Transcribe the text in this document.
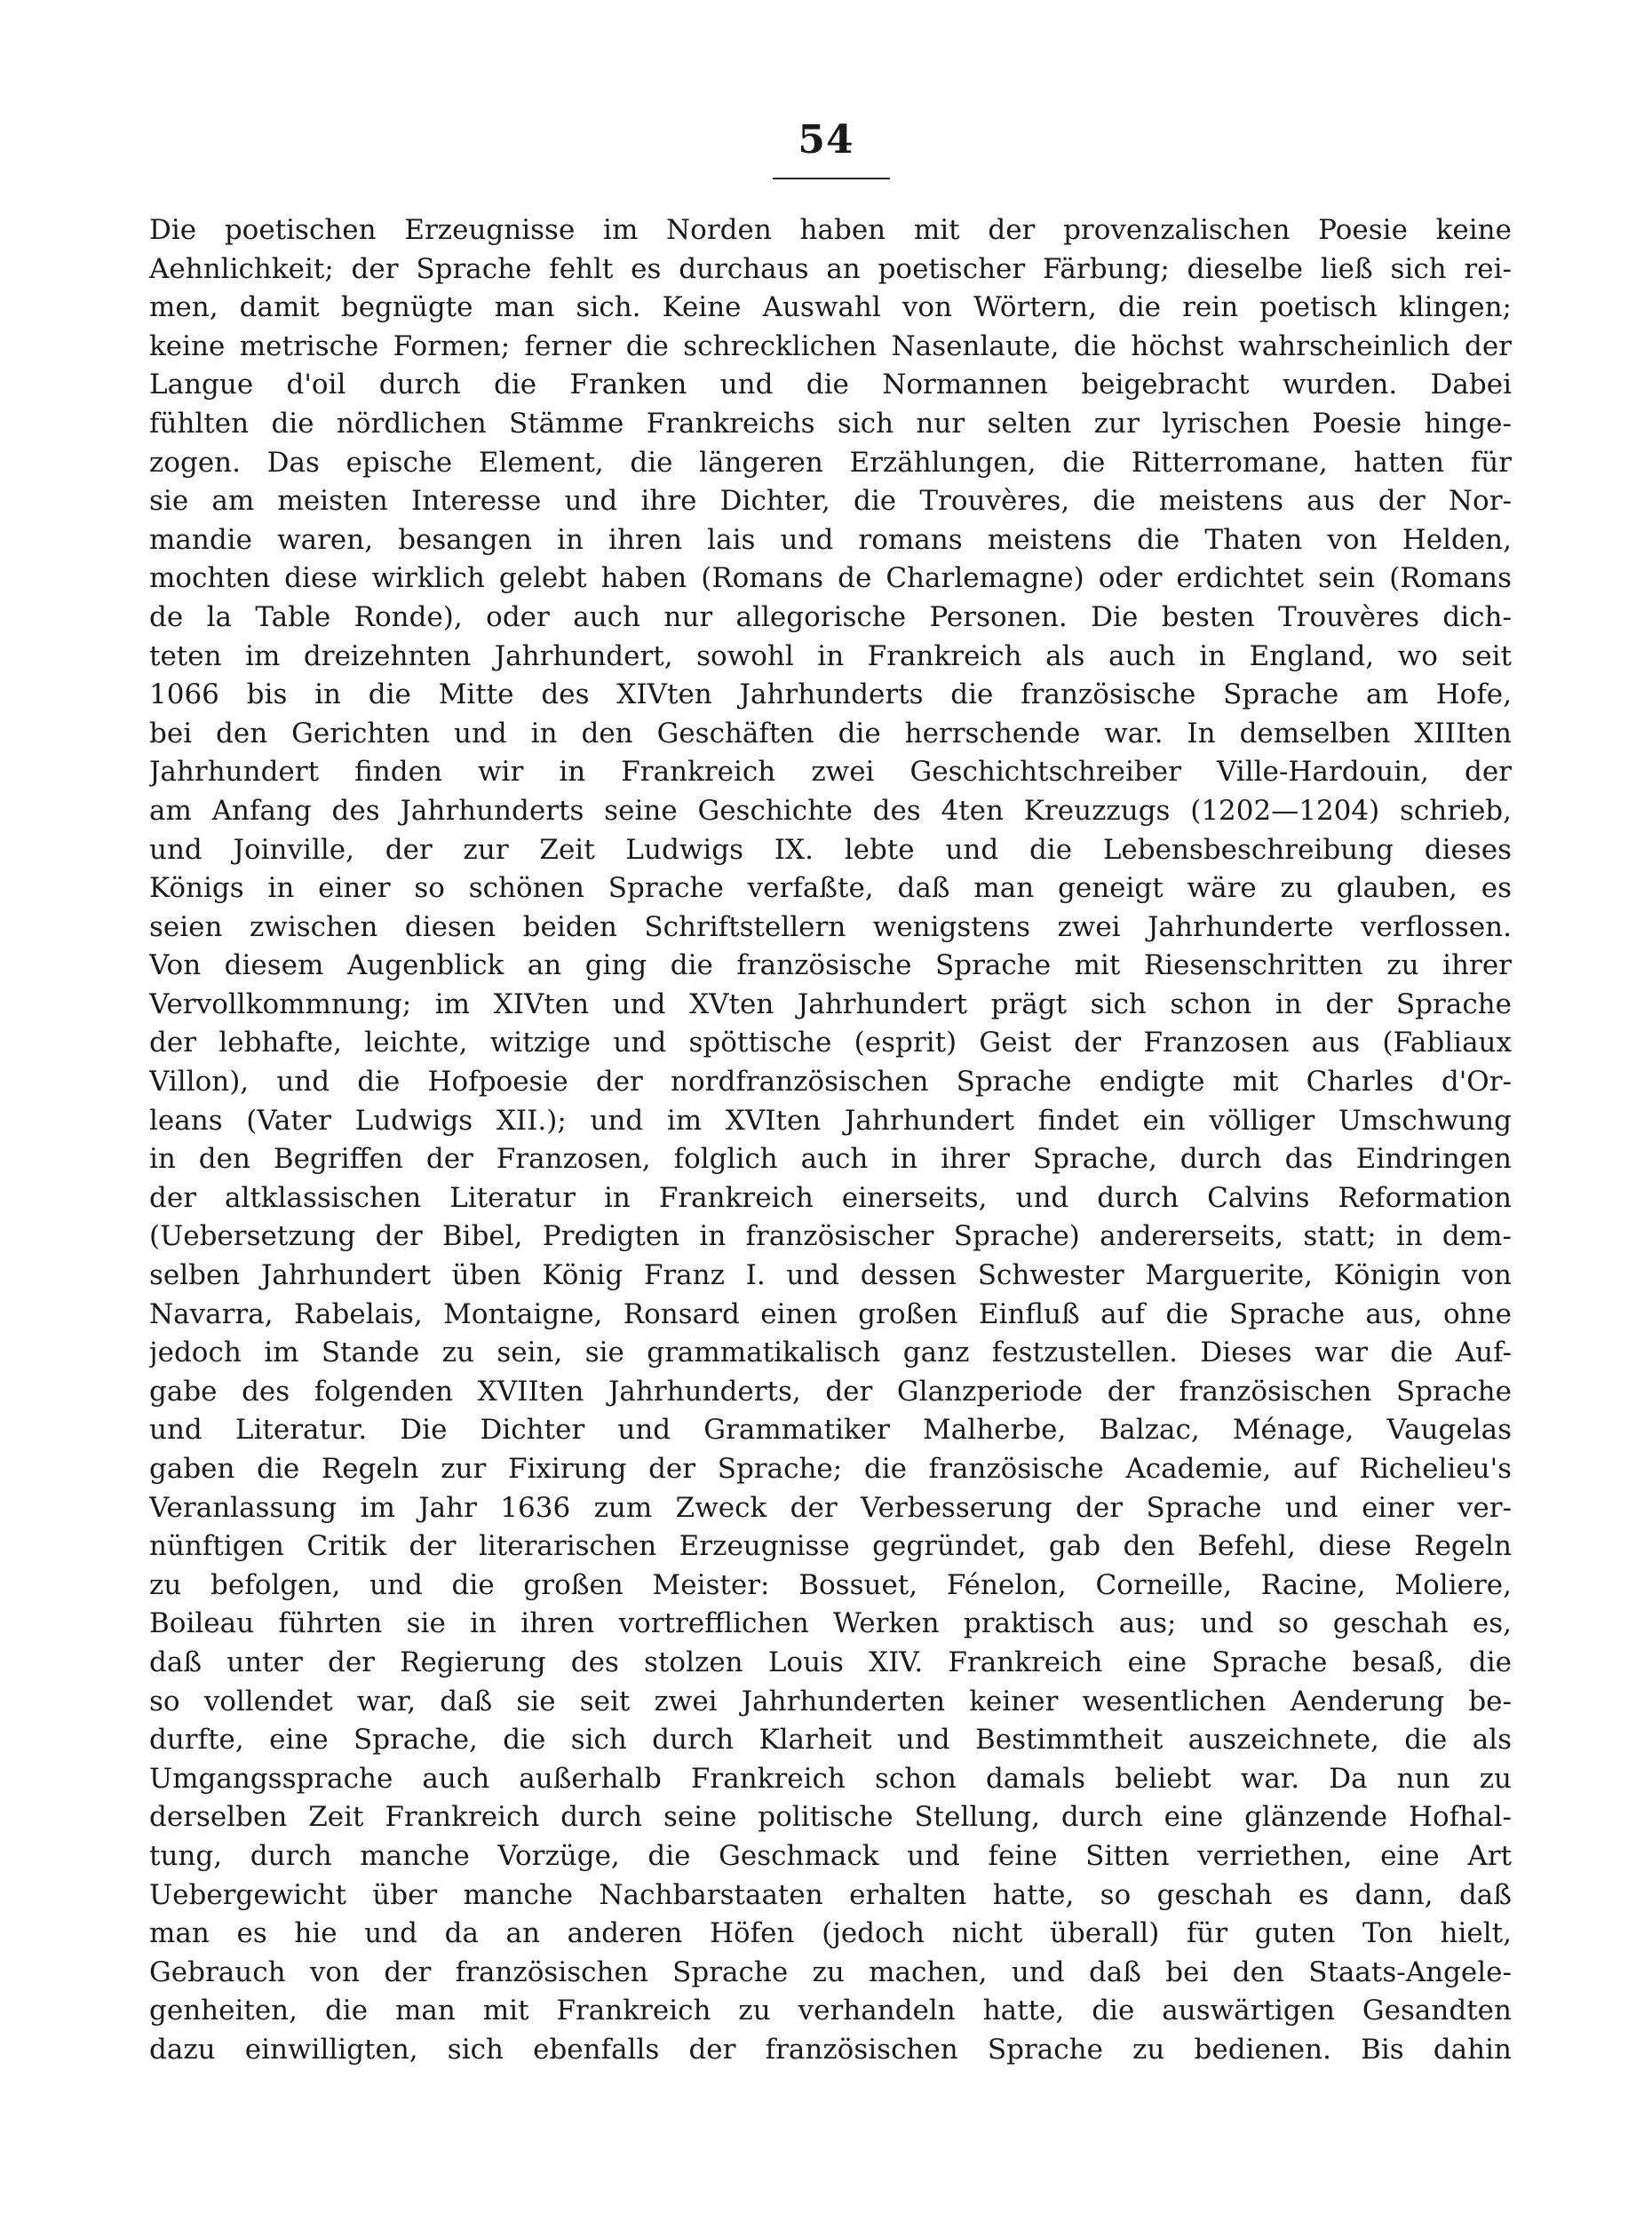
54
Die poetischen Erzeugnisse im Norden haben mit der provenzalischen Poesie keine
Aehnlichkeit; der Sprache fehlt es durchaus an poetischer Färbung; dieselbe ließ sich rei-
men, damit begnügte man sich. Keine Auswahl von Wörtern, die rein poetisch klingen;
keine metrische Formen; ferner die schrecklichen Nasenlaute, die höchst wahrscheinlich der
Langue d'oil durch die Franken und die Normannen beigebracht wurden. Dabei
fühlten die nördlichen Stämme Frankreichs sich nur selten zur lyrischen Poesie hinge-
zogen. Das epische Element, die längeren Erzählungen, die Ritterromane, hatten für
sie am meisten Interesse und ihre Dichter, die Trouvères, die meistens aus der Nor-
mandie waren, besangen in ihren lais und romans meistens die Thaten von Helden,
mochten diese wirklich gelebt haben (Romans de Charlemagne) oder erdichtet sein (Romans
de la Table Ronde), oder auch nur allegorische Personen. Die besten Trouvères dich-
teten im dreizehnten Jahrhundert, sowohl in Frankreich als auch in England, wo seit
1066 bis in die Mitte des XIVten Jahrhunderts die französische Sprache am Hofe,
bei den Gerichten und in den Geschäften die herrschende war. In demselben XIIIten
Jahrhundert finden wir in Frankreich zwei Geschichtschreiber Ville-Hardouin, der
am Anfang des Jahrhunderts seine Geschichte des 4ten Kreuzzugs (1202—1204) schrieb,
und Joinville, der zur Zeit Ludwigs IX. lebte und die Lebensbeschreibung dieses
Königs in einer so schönen Sprache verfaßte, daß man geneigt wäre zu glauben, es
seien zwischen diesen beiden Schriftstellern wenigstens zwei Jahrhunderte verflossen.
Von diesem Augenblick an ging die französische Sprache mit Riesenschritten zu ihrer
Vervollkommnung; im XIVten und XVten Jahrhundert prägt sich schon in der Sprache
der lebhafte, leichte, witzige und spöttische (esprit) Geist der Franzosen aus (Fabliaux
Villon), und die Hofpoesie der nordfranzösischen Sprache endigte mit Charles d'Or-
leans (Vater Ludwigs XII.); und im XVIten Jahrhundert findet ein völliger Umschwung
in den Begriffen der Franzosen, folglich auch in ihrer Sprache, durch das Eindringen
der altklassischen Literatur in Frankreich einerseits, und durch Calvins Reformation
(Uebersetzung der Bibel, Predigten in französischer Sprache) andererseits, statt; in dem-
selben Jahrhundert üben König Franz I. und dessen Schwester Marguerite, Königin von
Navarra, Rabelais, Montaigne, Ronsard einen großen Einfluß auf die Sprache aus, ohne
jedoch im Stande zu sein, sie grammatikalisch ganz festzustellen. Dieses war die Auf-
gabe des folgenden XVIIten Jahrhunderts, der Glanzperiode der französischen Sprache
und Literatur. Die Dichter und Grammatiker Malherbe, Balzac, Ménage, Vaugelas
gaben die Regeln zur Fixirung der Sprache; die französische Academie, auf Richelieu's
Veranlassung im Jahr 1636 zum Zweck der Verbesserung der Sprache und einer ver-
nünftigen Critik der literarischen Erzeugnisse gegründet, gab den Befehl, diese Regeln
zu befolgen, und die großen Meister: Bossuet, Fénelon, Corneille, Racine, Moliere,
Boileau führten sie in ihren vortrefflichen Werken praktisch aus; und so geschah es,
daß unter der Regierung des stolzen Louis XIV. Frankreich eine Sprache besaß, die
so vollendet war, daß sie seit zwei Jahrhunderten keiner wesentlichen Aenderung be-
durfte, eine Sprache, die sich durch Klarheit und Bestimmtheit auszeichnete, die als
Umgangssprache auch außerhalb Frankreich schon damals beliebt war. Da nun zu
derselben Zeit Frankreich durch seine politische Stellung, durch eine glänzende Hofhal-
tung, durch manche Vorzüge, die Geschmack und feine Sitten verriethen, eine Art
Uebergewicht über manche Nachbarstaaten erhalten hatte, so geschah es dann, daß
man es hie und da an anderen Höfen (jedoch nicht überall) für guten Ton hielt,
Gebrauch von der französischen Sprache zu machen, und daß bei den Staats-Angele-
genheiten, die man mit Frankreich zu verhandeln hatte, die auswärtigen Gesandten
dazu einwilligten, sich ebenfalls der französischen Sprache zu bedienen. Bis dahin
